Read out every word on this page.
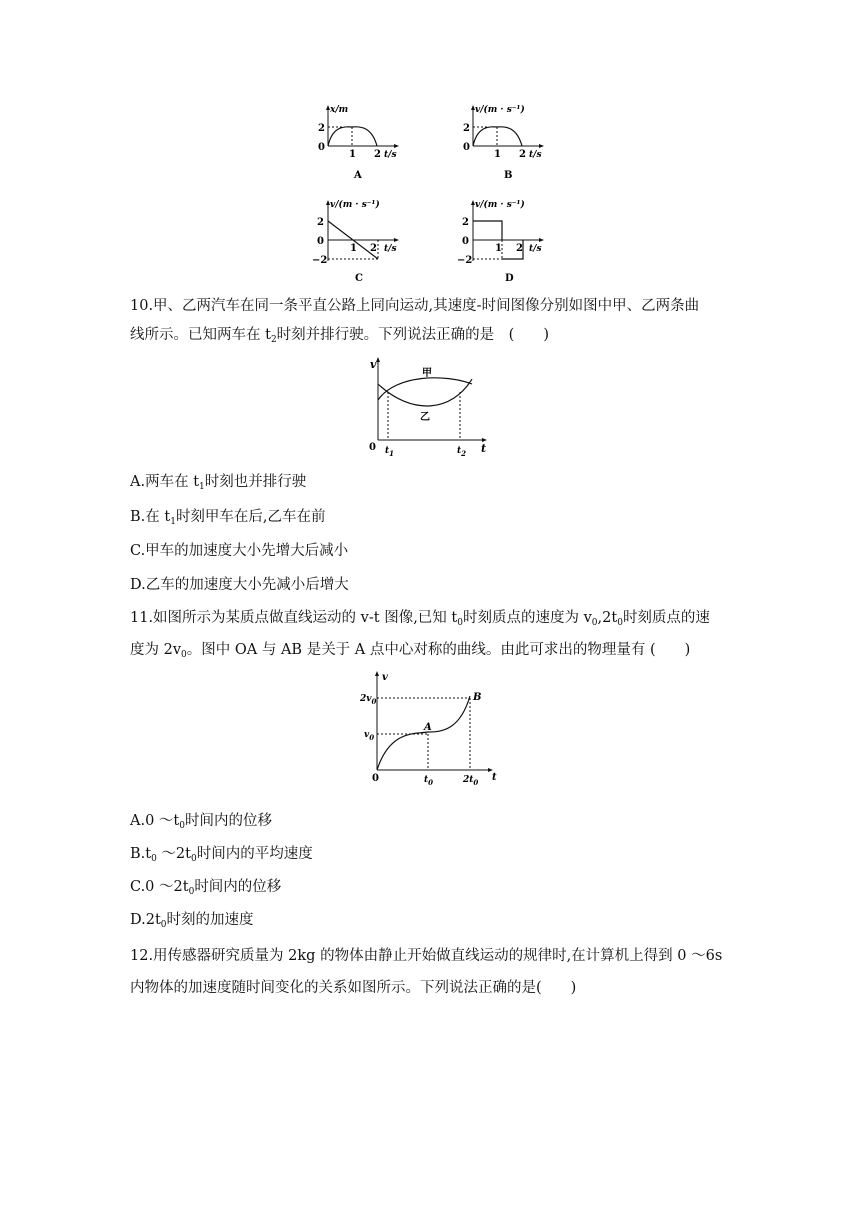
x/m
2
0
1 2 t/s
A
v/(m · s⁻¹)
2
0
1 2 t/s
B
v/(m · s⁻¹)
2
0
−2
1 2 t/s
C
v/(m · s⁻¹)
2
0
−2
1 2 t/s
D
10.甲、乙两汽车在同一条平直公路上同向运动,其速度-时间图像分别如图中甲、乙两条曲
线所示。已知两车在 $t_2$时刻并排行驶。下列说法正确的是　(　　)
v
甲
乙
0 $t_1$	$t_2$ t
A.两车在 $t_1$时刻也并排行驶
B.在 $t_1$时刻甲车在后,乙车在前
C.甲车的加速度大小先增大后减小
D.乙车的加速度大小先减小后增大
11.如图所示为某质点做直线运动的 v-t 图像,已知 $t_0$时刻质点的速度为 $v_0,2t_0$时刻质点的速
度为 $2v_0$。图中 OA 与 AB 是关于 A 点中心对称的曲线。由此可求出的物理量有 (　　)
v
$2v_0$
$v_0$
0	$t_0$	$2t_0$ t
A
B
A.0 $\sim t_0$时间内的位移
$B.t_0$ $\sim 2t_0$时间内的平均速度
C.0 $\sim 2t_0$时间内的位移
$D.2t_0$时刻的加速度
12.用传感器研究质量为 2kg 的物体由静止开始做直线运动的规律时,在计算机上得到 0 ～6s
内物体的加速度随时间变化的关系如图所示。下列说法正确的是(　　)
